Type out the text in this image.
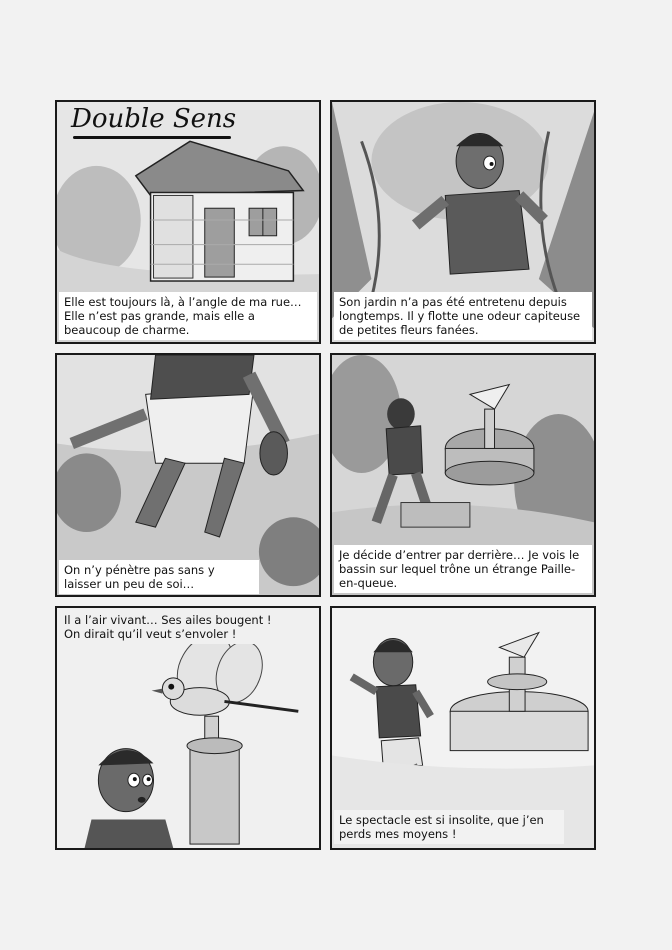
Double Sens
Elle est toujours là, à l’angle de ma rue… Elle n’est pas grande, mais elle a beaucoup de charme.
Son jardin n’a pas été entretenu depuis longtemps. Il y flotte une odeur capiteuse de petites fleurs fanées.
On n’y pénètre pas sans y laisser un peu de soi…
Je décide d’entrer par derrière… Je vois le bassin sur lequel trône un étrange Paille-en-queue.
Il a l’air vivant… Ses ailes bougent ! On dirait qu’il veut s’envoler !
Le spectacle est si insolite, que j’en perds mes moyens !
